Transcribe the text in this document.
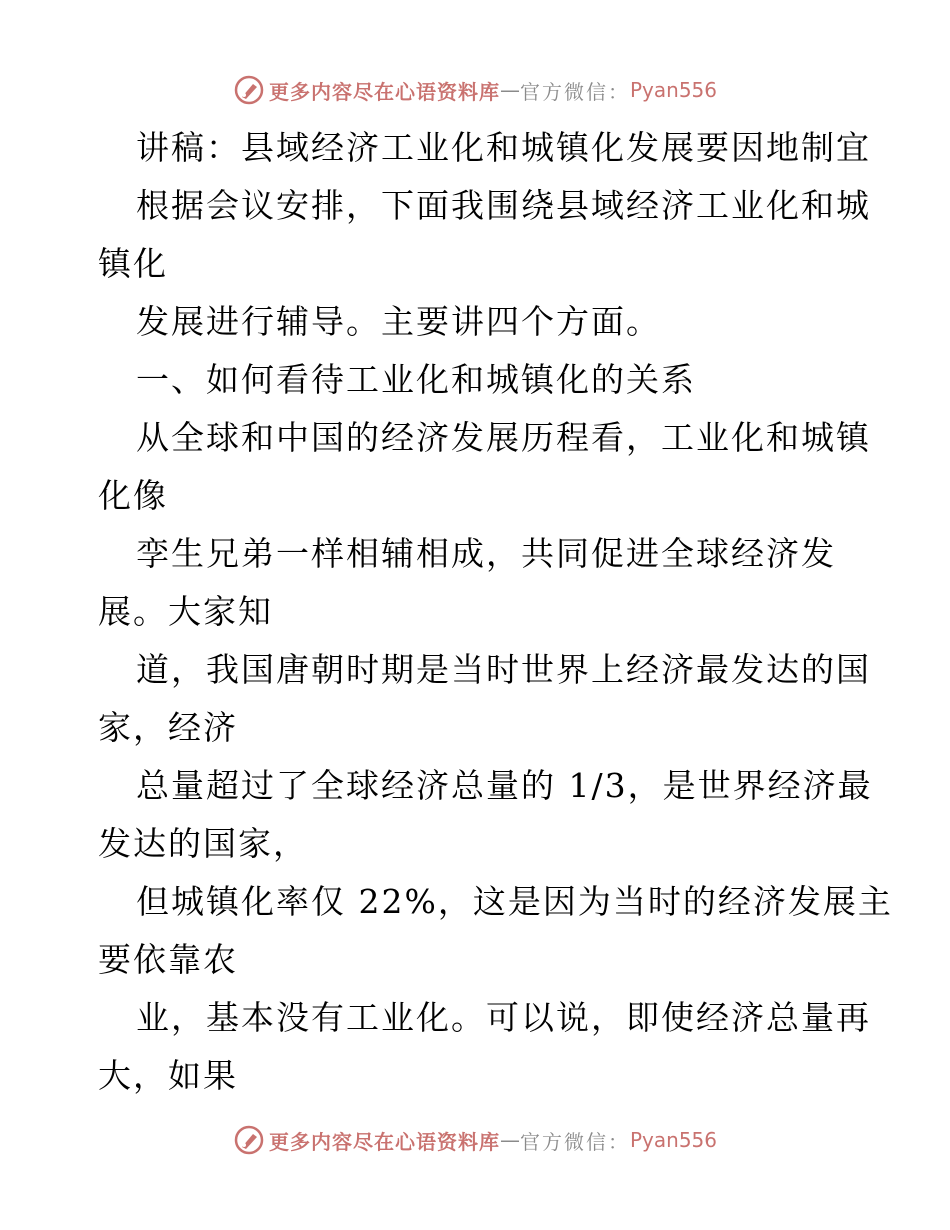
更多内容尽在心语资料库 — 官方微信： Pyan556
讲稿：县域经济工业化和城镇化发展要因地制宜
根据会议安排，下面我围绕县域经济工业化和城
镇化
发展进行辅导。主要讲四个方面。
一、如何看待工业化和城镇化的关系
从全球和中国的经济发展历程看，工业化和城镇
化像
孪生兄弟一样相辅相成，共同促进全球经济发
展。大家知
道，我国唐朝时期是当时世界上经济最发达的国
家，经济
总量超过了全球经济总量的 1/3，是世界经济最
发达的国家，
但城镇化率仅 22%，这是因为当时的经济发展主
要依靠农
业，基本没有工业化。可以说，即使经济总量再
大，如果
更多内容尽在心语资料库 — 官方微信： Pyan556
